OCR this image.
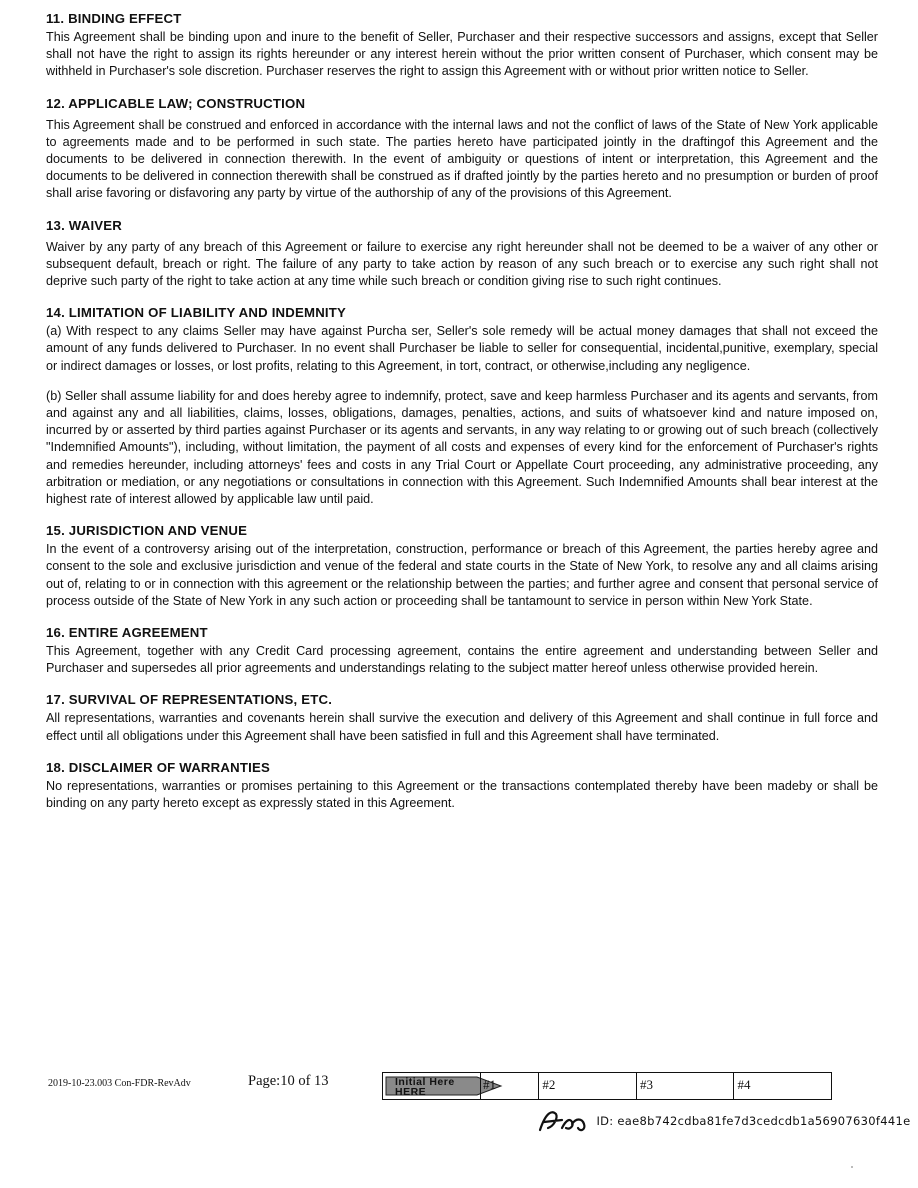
11. BINDING EFFECT

This Agreement shall be binding upon and inure to the benefit of Seller, Purchaser and their respective successors and assigns, except that Seller shall not have the right to assign its rights hereunder or any interest herein without the prior written consent of Purchaser, which consent may be withheld in Purchaser's sole discretion. Purchaser reserves the right to assign this Agreement with or without prior written notice to Seller.

12. APPLICABLE LAW; CONSTRUCTION

This Agreement shall be construed and enforced in accordance with the internal laws and not the conflict of laws of the State of New York applicable to agreements made and to be performed in such state. The parties hereto have participated jointly in the draftingof this Agreement and the documents to be delivered in connection therewith. In the event of ambiguity or questions of intent or interpretation, this Agreement and the documents to be delivered in connection therewith shall be construed as if drafted jointly by the parties hereto and no presumption or burden of proof shall arise favoring or disfavoring any party by virtue of the authorship of any of the provisions of this Agreement.

13. WAIVER

Waiver by any party of any breach of this Agreement or failure to exercise any right hereunder shall not be deemed to be a waiver of any other or subsequent default, breach or right. The failure of any party to take action by reason of any such breach or to exercise any such right shall not deprive such party of the right to take action at any time while such breach or condition giving rise to such right continues.

14. LIMITATION OF LIABILITY AND INDEMNITY

(a) With respect to any claims Seller may have against Purcha ser, Seller's sole remedy will be actual money damages that shall not exceed the amount of any funds delivered to Purchaser. In no event shall Purchaser be liable to seller for consequential, incidental,punitive, exemplary, special or indirect damages or losses, or lost profits, relating to this Agreement, in tort, contract, or otherwise,including any negligence.

(b) Seller shall assume liability for and does hereby agree to indemnify, protect, save and keep harmless Purchaser and its agents and servants, from and against any and all liabilities, claims, losses, obligations, damages, penalties, actions, and suits of whatsoever kind and nature imposed on, incurred by or asserted by third parties against Purchaser or its agents and servants, in any way relating to or growing out of such breach (collectively "Indemnified Amounts"), including, without limitation, the payment of all costs and expenses of every kind for the enforcement of Purchaser's rights and remedies hereunder, including attorneys' fees and costs in any Trial Court or Appellate Court proceeding, any administrative proceeding, any arbitration or mediation, or any negotiations or consultations in connection with this Agreement. Such Indemnified Amounts shall bear interest at the highest rate of interest allowed by applicable law until paid.

15. JURISDICTION AND VENUE

In the event of a controversy arising out of the interpretation, construction, performance or breach of this Agreement, the parties hereby agree and consent to the sole and exclusive jurisdiction and venue of the federal and state courts in the State of New York, to resolve any and all claims arising out of, relating to or in connection with this agreement or the relationship between the parties; and further agree and consent that personal service of process outside of the State of New York in any such action or proceeding shall be tantamount to service in person within New York State.

16. ENTIRE AGREEMENT

This Agreement, together with any Credit Card processing agreement, contains the entire agreement and understanding between Seller and Purchaser and supersedes all prior agreements and understandings relating to the subject matter hereof unless otherwise provided herein.

17. SURVIVAL OF REPRESENTATIONS, ETC.

All representations, warranties and covenants herein shall survive the execution and delivery of this Agreement and shall continue in full force and effect until all obligations under this Agreement shall have been satisfied in full and this Agreement shall have terminated.

18. DISCLAIMER OF WARRANTIES

No representations, warranties or promises pertaining to this Agreement or the transactions contemplated thereby have been madeby or shall be binding on any party hereto except as expressly stated in this Agreement.

2019-10-23.003 Con-FDR-RevAdv	Page:10 of 13	Initial Here
HERE	#1	#2	#3	#4
ID: eae8b742cdba81fe7d3cedcdb1a56907630f441e
